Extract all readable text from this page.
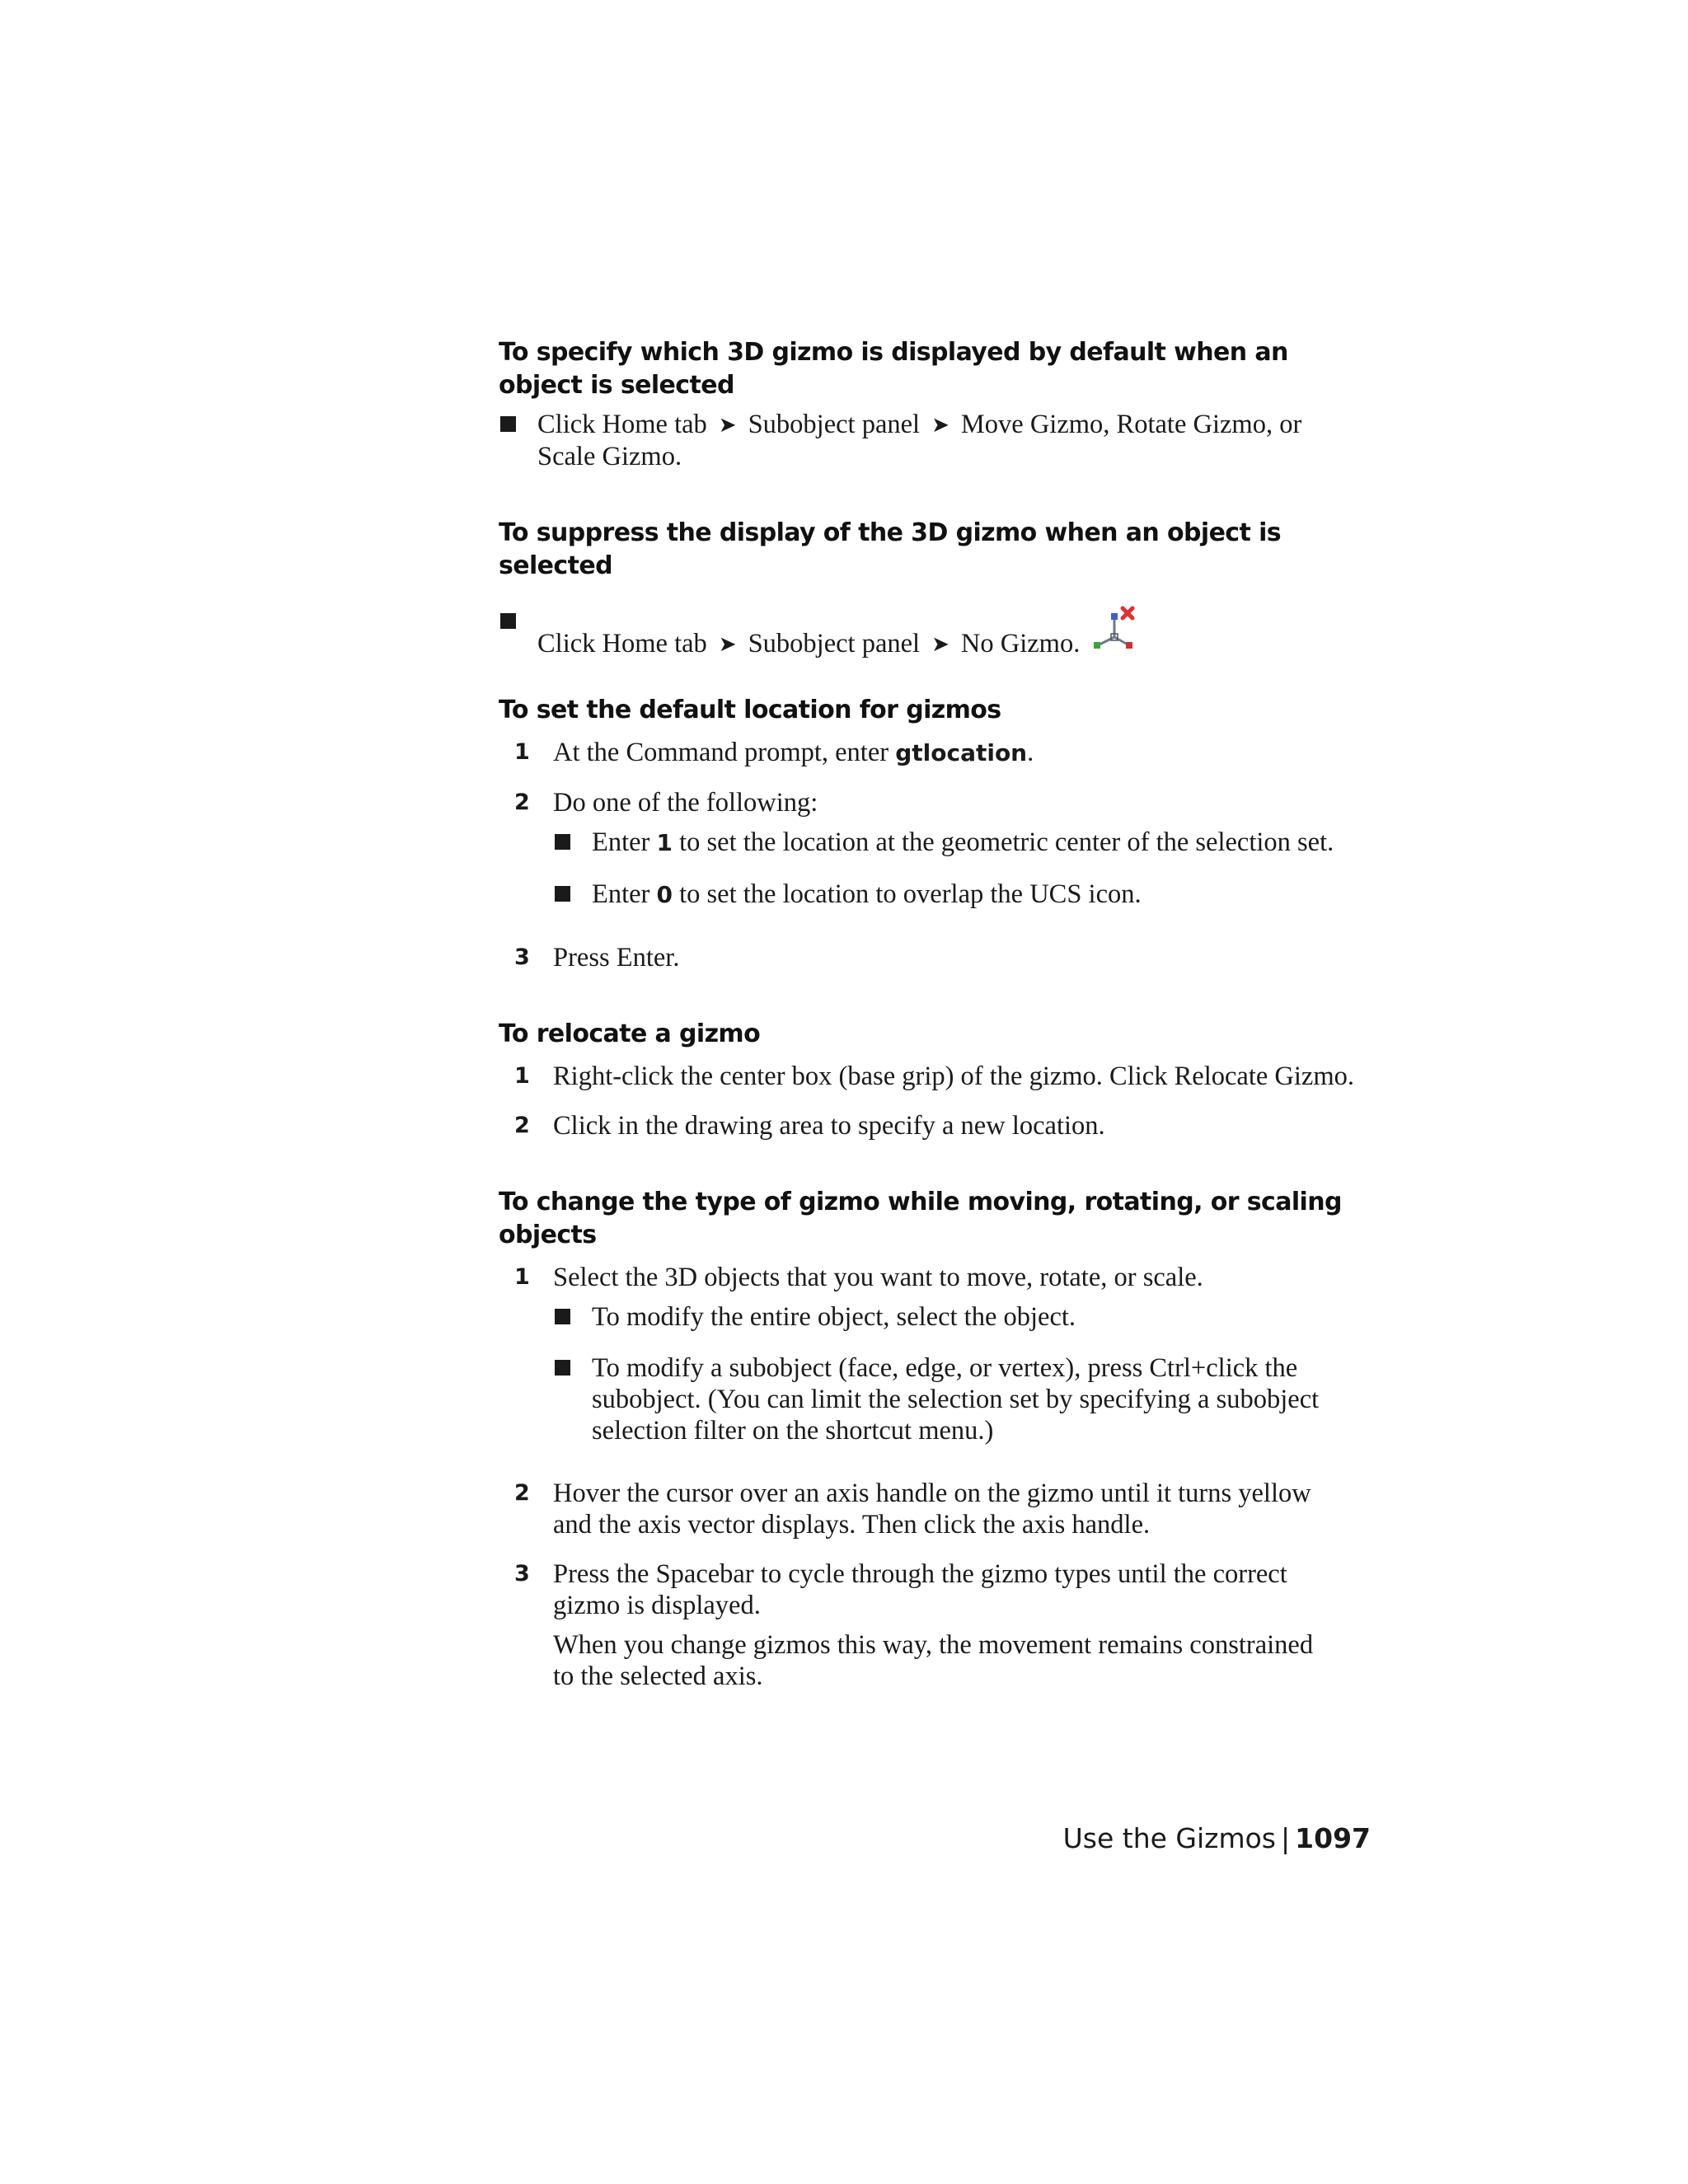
To specify which 3D gizmo is displayed by default when an object is selected
Click Home tab ➤ Subobject panel ➤ Move Gizmo, Rotate Gizmo, or
Scale Gizmo.
To suppress the display of the 3D gizmo when an object is selected
Click Home tab ➤ Subobject panel ➤ No Gizmo.
To set the default location for gizmos
1 At the Command prompt, enter gtlocation.
2 Do one of the following:
Enter 1 to set the location at the geometric center of the selection set.
Enter 0 to set the location to overlap the UCS icon.
3 Press Enter.
To relocate a gizmo
1 Right-click the center box (base grip) of the gizmo. Click Relocate Gizmo.
2 Click in the drawing area to specify a new location.
To change the type of gizmo while moving, rotating, or scaling objects
1 Select the 3D objects that you want to move, rotate, or scale.
To modify the entire object, select the object.
To modify a subobject (face, edge, or vertex), press Ctrl+click the
subobject. (You can limit the selection set by specifying a subobject
selection filter on the shortcut menu.)
2 Hover the cursor over an axis handle on the gizmo until it turns yellow
and the axis vector displays. Then click the axis handle.
3 Press the Spacebar to cycle through the gizmo types until the correct
gizmo is displayed.
When you change gizmos this way, the movement remains constrained
to the selected axis.
Use the Gizmos | 1097
